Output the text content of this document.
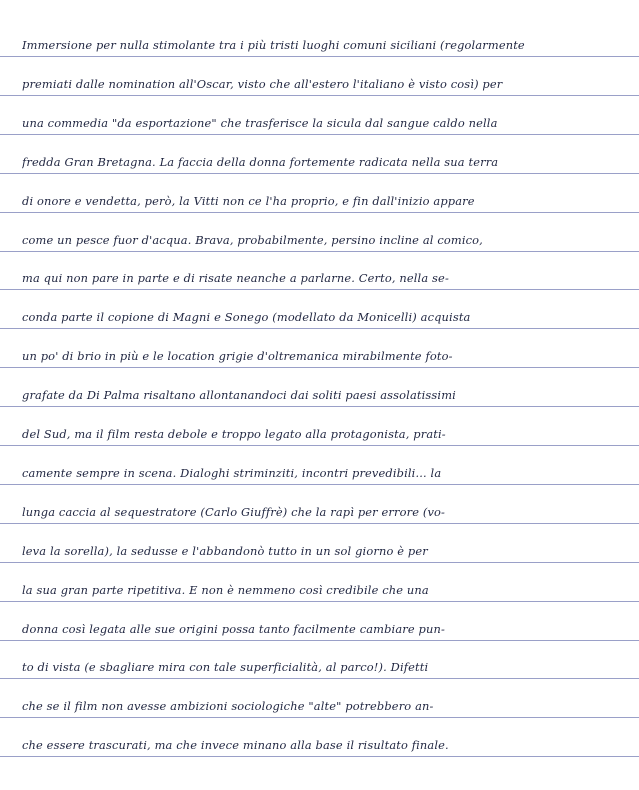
Immersione per nulla stimolante tra i più tristi luoghi comuni siciliani (regolarmente
premiati dalle nomination all'Oscar, visto che all'estero l'italiano è visto così) per
una commedia "da esportazione" che trasferisce la sicula dal sangue caldo nella
fredda Gran Bretagna. La faccia della donna fortemente radicata nella sua terra
di onore e vendetta, però, la Vitti non ce l'ha proprio, e fin dall'inizio appare
come un pesce fuor d'acqua. Brava, probabilmente, persino incline al comico,
ma qui non pare in parte e di risate neanche a parlarne. Certo, nella se-
conda parte il copione di Magni e Sonego (modellato da Monicelli) acquista
un po' di brio in più e le location grigie d'oltremanica mirabilmente foto-
grafate da Di Palma risaltano allontanandoci dai soliti paesi assolatissimi
del Sud, ma il film resta debole e troppo legato alla protagonista, prati-
camente sempre in scena. Dialoghi striminziti, incontri prevedibili... la
lunga caccia al sequestratore (Carlo Giuffrè) che la rapì per errore (vo-
leva la sorella), la sedusse e l'abbandonò tutto in un sol giorno è per
la sua gran parte ripetitiva. E non è nemmeno così credibile che una
donna così legata alle sue origini possa tanto facilmente cambiare pun-
to di vista (e sbagliare mira con tale superficialità, al parco!). Difetti
che se il film non avesse ambizioni sociologiche "alte" potrebbero an-
che essere trascurati, ma che invece minano alla base il risultato finale.
